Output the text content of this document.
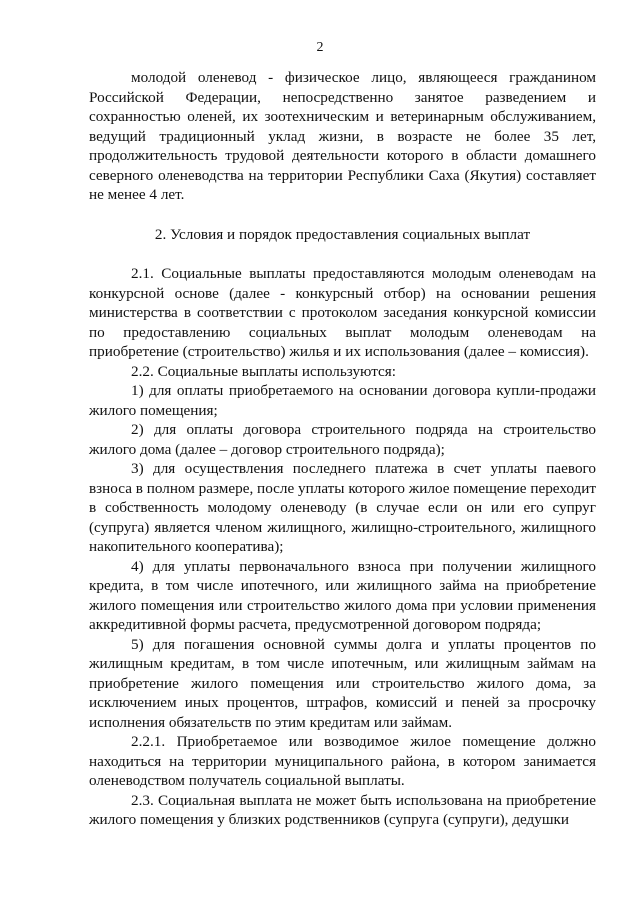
2

молодой оленевод - физическое лицо, являющееся гражданином Российской Федерации, непосредственно занятое разведением и сохранностью оленей, их зоотехническим и ветеринарным обслуживанием, ведущий традиционный уклад жизни, в возрасте не более 35 лет, продолжительность трудовой деятельности которого в области домашнего северного оленеводства на территории Республики Саха (Якутия) составляет не менее 4 лет.

2. Условия и порядок предоставления социальных выплат

2.1. Социальные выплаты предоставляются молодым оленеводам на конкурсной основе (далее - конкурсный отбор) на основании решения министерства в соответствии с протоколом заседания конкурсной комиссии по предоставлению социальных выплат молодым оленеводам на приобретение (строительство) жилья и их использования (далее – комиссия).

2.2. Социальные выплаты используются:

1) для оплаты приобретаемого на основании договора купли-продажи жилого помещения;

2) для оплаты договора строительного подряда на строительство жилого дома (далее – договор строительного подряда);

3) для осуществления последнего платежа в счет уплаты паевого взноса в полном размере, после уплаты которого жилое помещение переходит в собственность молодому оленеводу (в случае если он или его супруг (супруга) является членом жилищного, жилищно-строительного, жилищного накопительного кооператива);

4) для уплаты первоначального взноса при получении жилищного кредита, в том числе ипотечного, или жилищного займа на приобретение жилого помещения или строительство жилого дома при условии применения аккредитивной формы расчета, предусмотренной договором подряда;

5) для погашения основной суммы долга и уплаты процентов по жилищным кредитам, в том числе ипотечным, или жилищным займам на приобретение жилого помещения или строительство жилого дома, за исключением иных процентов, штрафов, комиссий и пеней за просрочку исполнения обязательств по этим кредитам или займам.

2.2.1. Приобретаемое или возводимое жилое помещение должно находиться на территории муниципального района, в котором занимается оленеводством получатель социальной выплаты.

2.3. Социальная выплата не может быть использована на приобретение жилого помещения у близких родственников (супруга (супруги), дедушки
